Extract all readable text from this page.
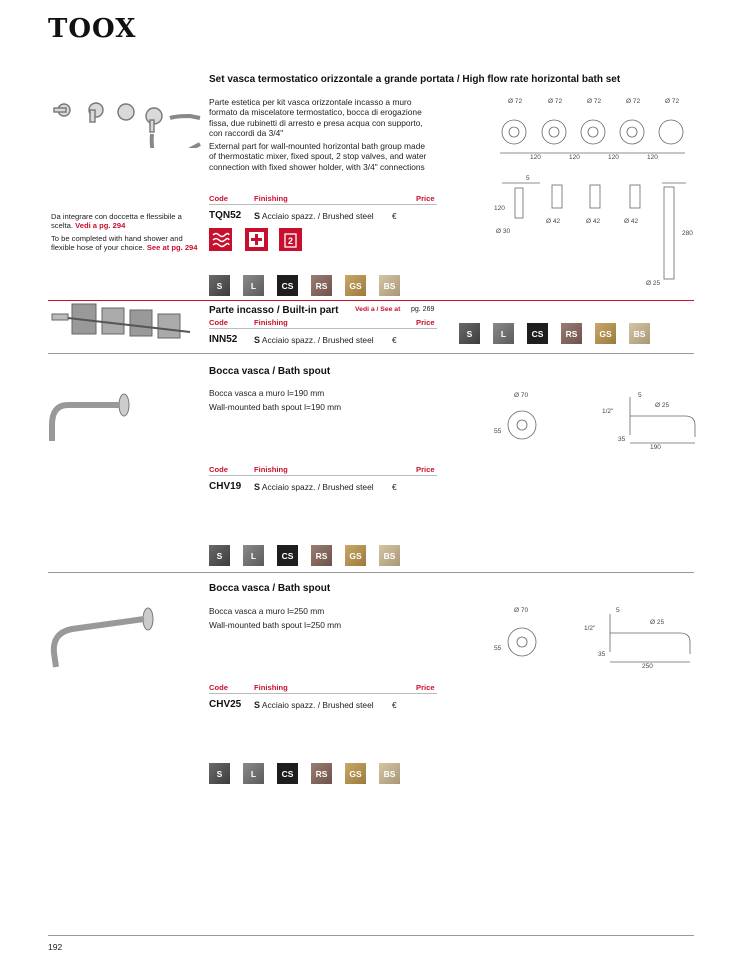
TOOX
Set vasca termostatico orizzontale a grande portata / High flow rate horizontal bath set
Parte estetica per kit vasca orizzontale incasso a muro formato da miscelatore termostatico, bocca di erogazione fissa, due rubinetti di arresto e presa acqua con supporto, con raccordi da 3/4"
External part for wall-mounted horizontal bath group made of thermostatic mixer, fixed spout, 2 stop valves, and water connection with fixed shower holder, with 3/4" connections
Ø 72	Ø 72	Ø 72	Ø 72	Ø 72
120	120	120	120
5
120
Ø 30
Ø 42	Ø 42	Ø 42
280
Ø 25
Da integrare con doccetta e flessibile a scelta. Vedi a pg. 294
To be completed with hand shower and flexible hose of your choice. See at pg. 294
Code	Finishing	Price
TQN52 S Acciaio spazz. / Brushed steel €
2
S	L	CS	RS	GS	BS
Parte incasso / Built-in part Vedi a / See at pg. 269
Code	Finishing	Price
INN52 S Acciaio spazz. / Brushed steel €
S	L	CS	RS	GS	BS
Bocca vasca / Bath spout
Bocca vasca a muro l=190 mm
Wall-mounted bath spout l=190 mm
Ø 70
55
5
1/2"
Ø 25
35
190
Code	Finishing	Price
CHV19 S Acciaio spazz. / Brushed steel €
S	L	CS	RS	GS	BS
Bocca vasca / Bath spout
Bocca vasca a muro l=250 mm
Wall-mounted bath spout l=250 mm
Ø 70
55
5
1/2"
Ø 25
35
250
Code	Finishing	Price
CHV25 S Acciaio spazz. / Brushed steel €
S	L	CS	RS	GS	BS
192
